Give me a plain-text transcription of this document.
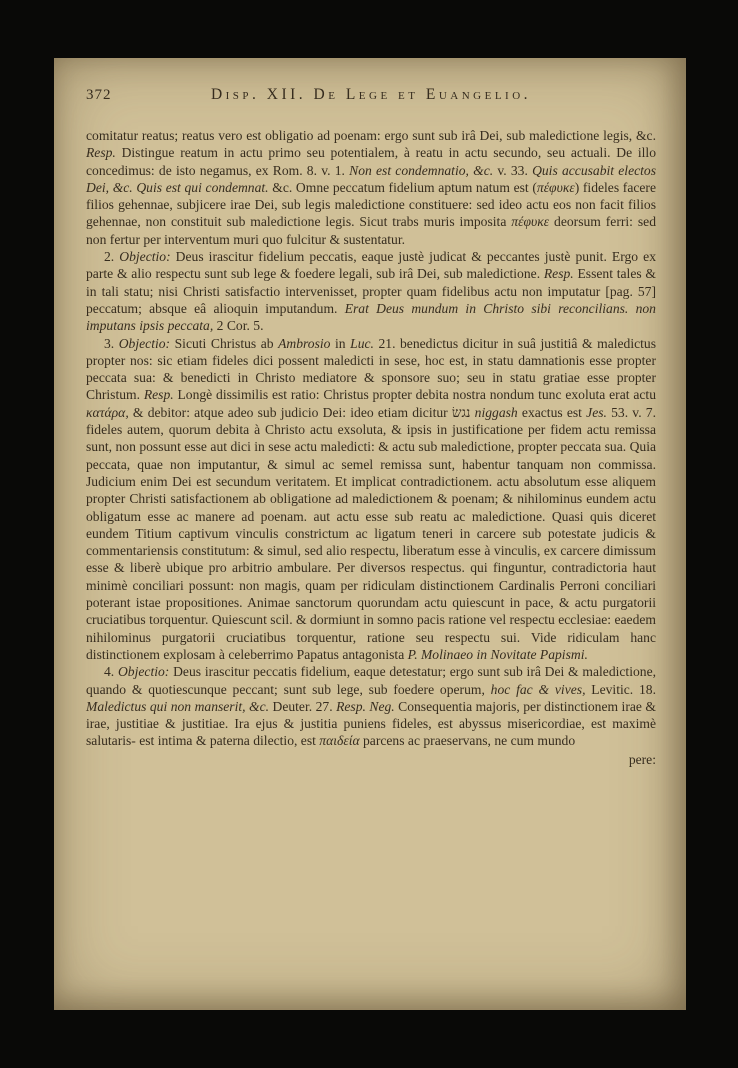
372	Disp. XII. De Lege et Euangelio.

comitatur reatus; reatus vero est obligatio ad poenam: ergo sunt sub irâ Dei, sub maledictione legis, &c. Resp. Distingue reatum in actu primo seu potentialem, à reatu in actu secundo, seu actuali. De illo concedimus: de isto negamus, ex Rom. 8. v. 1. Non est condemnatio, &c. v. 33. Quis accusabit electos Dei, &c. Quis est qui condemnat. &c. Omne peccatum fidelium aptum natum est (πέφυκε) fideles facere filios gehennae, subjicere irae Dei, sub legis maledictione constituere: sed ideo actu eos non facit filios gehennae, non constituit sub maledictione legis. Sicut trabs muris imposita πέφυκε deorsum ferri: sed non fertur per interventum muri quo fulcitur & sustentatur.

2. Objectio: Deus irascitur fidelium peccatis, eaque justè judicat & peccantes justè punit. Ergo ex parte & alio respectu sunt sub lege & foedere legali, sub irâ Dei, sub maledictione. Resp. Essent tales & in tali statu; nisi Christi satisfactio intervenisset, propter quam fidelibus actu non imputatur [pag. 57] peccatum; absque eâ alioquin imputandum. Erat Deus mundum in Christo sibi reconcilians. non imputans ipsis peccata, 2 Cor. 5.

3. Objectio: Sicuti Christus ab Ambrosio in Luc. 21. benedictus dicitur in suâ justitiâ & maledictus propter nos: sic etiam fideles dici possent maledicti in sese, hoc est, in statu damnationis esse propter peccata sua: & benedicti in Christo mediatore & sponsore suo; seu in statu gratiae esse propter Christum. Resp. Longè dissimilis est ratio: Christus propter debita nostra nondum tunc exoluta erat actu κατάρα, & debitor: atque adeo sub judicio Dei: ideo etiam dicitur נגשׂ niggash exactus est Jes. 53. v. 7. fideles autem, quorum debita à Christo actu exsoluta, & ipsis in justificatione per fidem actu remissa sunt, non possunt esse aut dici in sese actu maledicti: & actu sub maledictione, propter peccata sua. Quia peccata, quae non imputantur, & simul ac semel remissa sunt, habentur tanquam non commissa. Judicium enim Dei est secundum veritatem. Et implicat contradictionem. actu absolutum esse aliquem propter Christi satisfactionem ab obligatione ad maledictionem & poenam; & nihilominus eundem actu obligatum esse ac manere ad poenam. aut actu esse sub reatu ac maledictione. Quasi quis diceret eundem Titium captivum vinculis constrictum ac ligatum teneri in carcere sub potestate judicis & commentariensis constitutum: & simul, sed alio respectu, liberatum esse à vinculis, ex carcere dimissum esse & liberè ubique pro arbitrio ambulare. Per diversos respectus. qui finguntur, contradictoria haut minimè conciliari possunt: non magis, quam per ridiculam distinctionem Cardinalis Perroni conciliari poterant istae propositiones. Animae sanctorum quorundam actu quiescunt in pace, & actu purgatorii cruciatibus torquentur. Quiescunt scil. & dormiunt in somno pacis ratione vel respectu ecclesiae: eaedem nihilominus purgatorii cruciatibus torquentur, ratione seu respectu sui. Vide ridiculam hanc distinctionem explosam à celeberrimo Papatus antagonista P. Molinaeo in Novitate Papismi.

4. Objectio: Deus irascitur peccatis fidelium, eaque detestatur; ergo sunt sub irâ Dei & maledictione, quando & quotiescunque peccant; sunt sub lege, sub foedere operum, hoc fac & vives, Levitic. 18. Maledictus qui non manserit, &c. Deuter. 27. Resp. Neg. Consequentia majoris, per distinctionem irae & irae, justitiae & justitiae. Ira ejus & justitia puniens fideles, est abyssus misericordiae, est maximè salutaris- est intima & paterna dilectio, est παιδεία parcens ac praeservans, ne cum mundo

pere:
